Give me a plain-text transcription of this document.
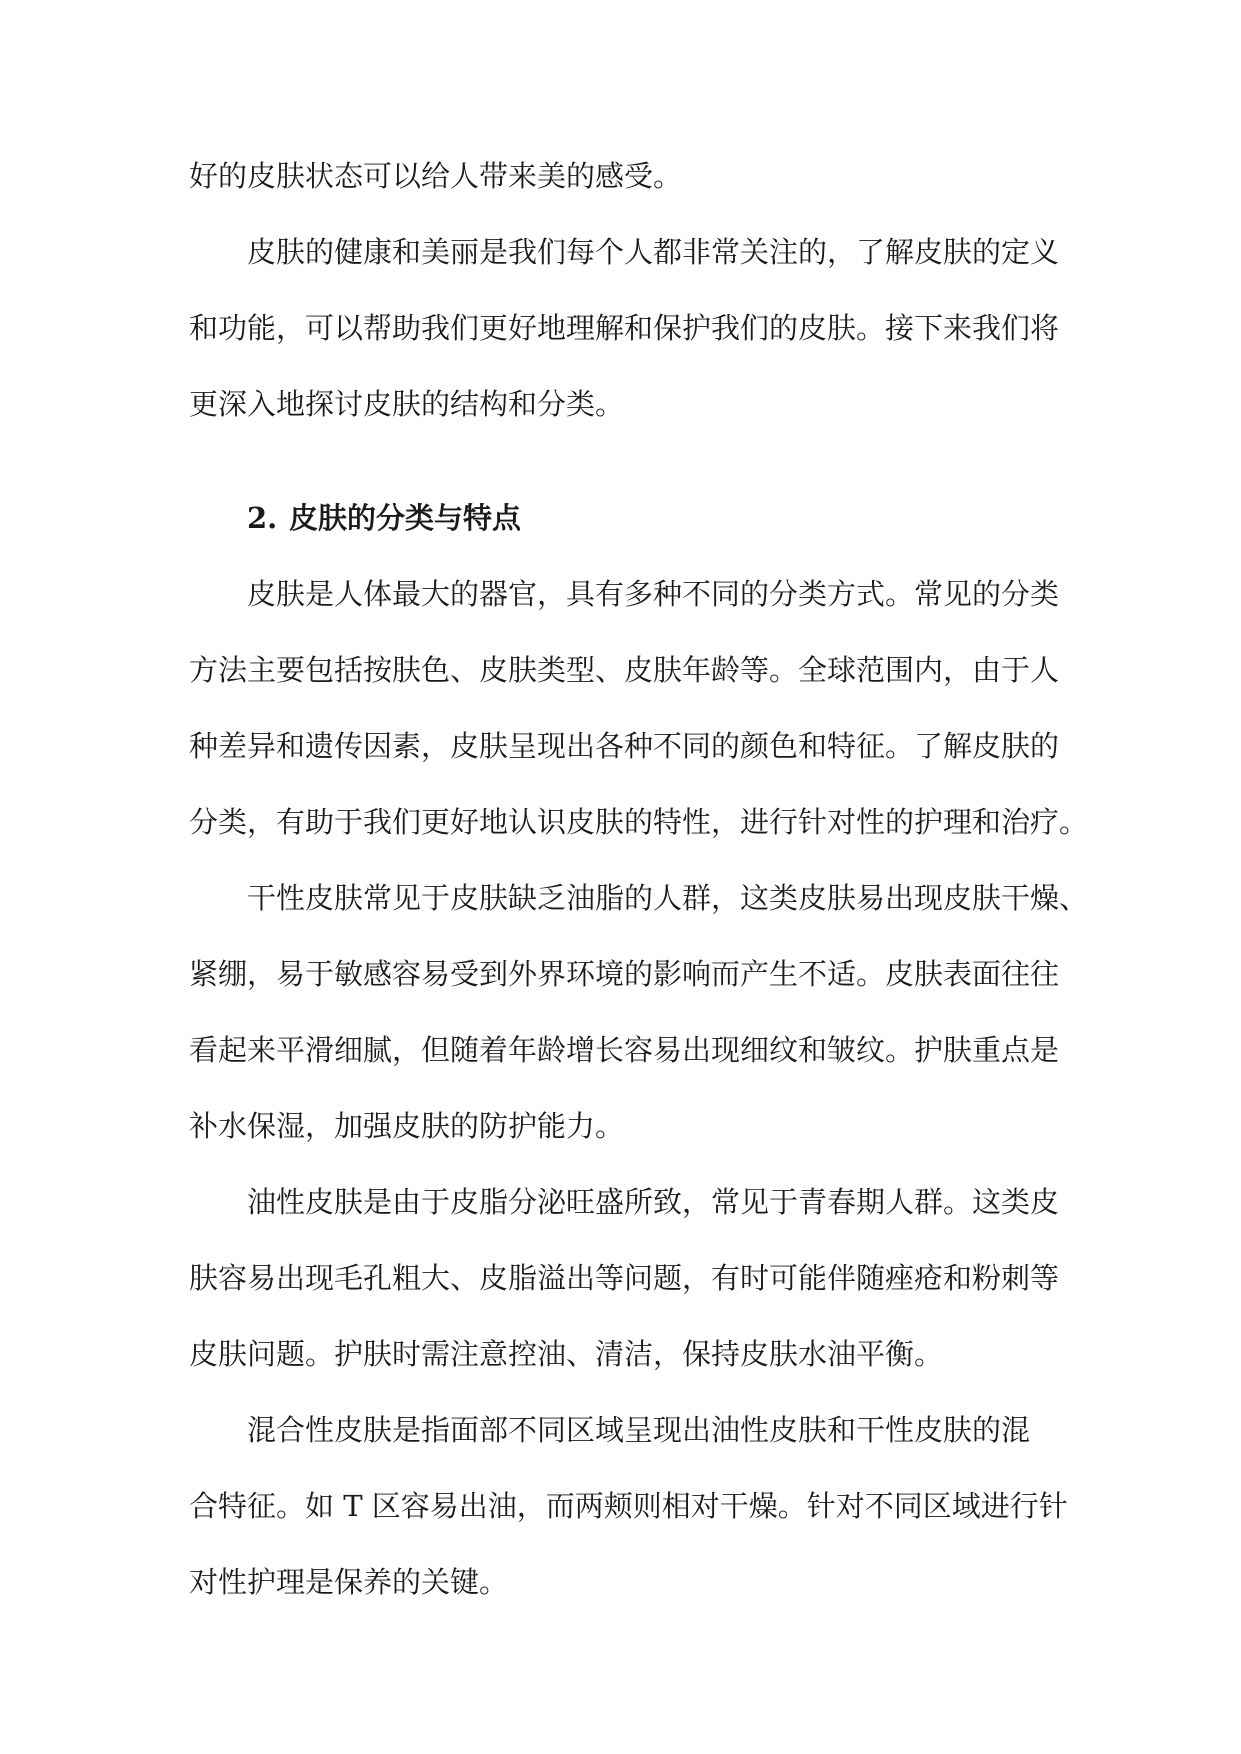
好的皮肤状态可以给人带来美的感受。
皮肤的健康和美丽是我们每个人都非常关注的，了解皮肤的定义
和功能，可以帮助我们更好地理解和保护我们的皮肤。接下来我们将
更深入地探讨皮肤的结构和分类。
2. 皮肤的分类与特点
皮肤是人体最大的器官，具有多种不同的分类方式。常见的分类
方法主要包括按肤色、皮肤类型、皮肤年龄等。全球范围内，由于人
种差异和遗传因素，皮肤呈现出各种不同的颜色和特征。了解皮肤的
分类，有助于我们更好地认识皮肤的特性，进行针对性的护理和治疗。
干性皮肤常见于皮肤缺乏油脂的人群，这类皮肤易出现皮肤干燥、
紧绷，易于敏感容易受到外界环境的影响而产生不适。皮肤表面往往
看起来平滑细腻，但随着年龄增长容易出现细纹和皱纹。护肤重点是
补水保湿，加强皮肤的防护能力。
油性皮肤是由于皮脂分泌旺盛所致，常见于青春期人群。这类皮
肤容易出现毛孔粗大、皮脂溢出等问题，有时可能伴随痤疮和粉刺等
皮肤问题。护肤时需注意控油、清洁，保持皮肤水油平衡。
混合性皮肤是指面部不同区域呈现出油性皮肤和干性皮肤的混
合特征。如 T 区容易出油，而两颊则相对干燥。针对不同区域进行针
对性护理是保养的关键。
